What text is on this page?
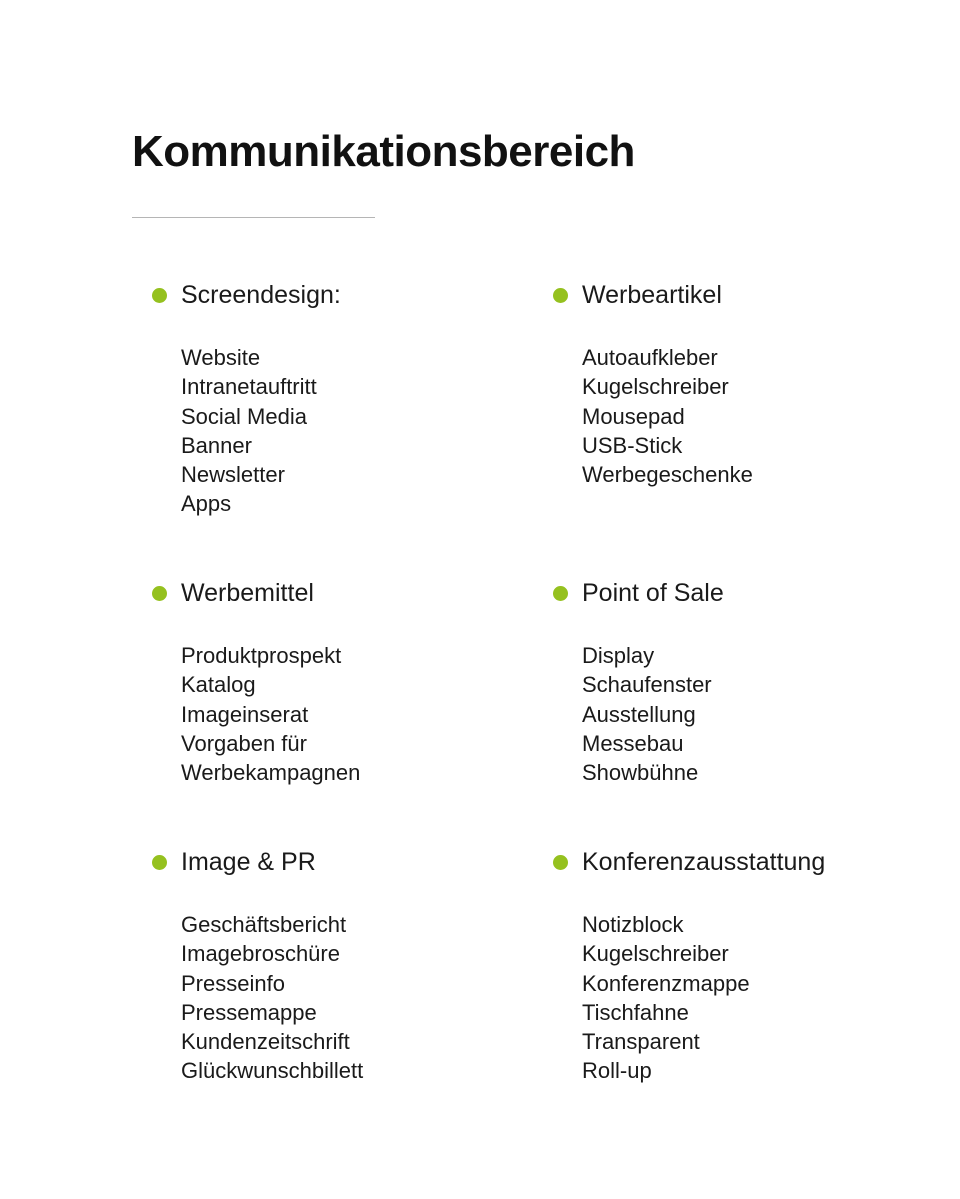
Kommunikationsbereich
Screendesign:
Website
Intranetauftritt
Social Media
Banner
Newsletter
Apps
Werbeartikel
Autoaufkleber
Kugelschreiber
Mousepad
USB-Stick
Werbegeschenke
Werbemittel
Produktprospekt
Katalog
Imageinserat
Vorgaben für
Werbekampagnen
Point of Sale
Display
Schaufenster
Ausstellung
Messebau
Showbühne
Image & PR
Geschäftsbericht
Imagebroschüre
Presseinfo
Pressemappe
Kundenzeitschrift
Glückwunschbillett
Konferenzausstattung
Notizblock
Kugelschreiber
Konferenzmappe
Tischfahne
Transparent
Roll-up
